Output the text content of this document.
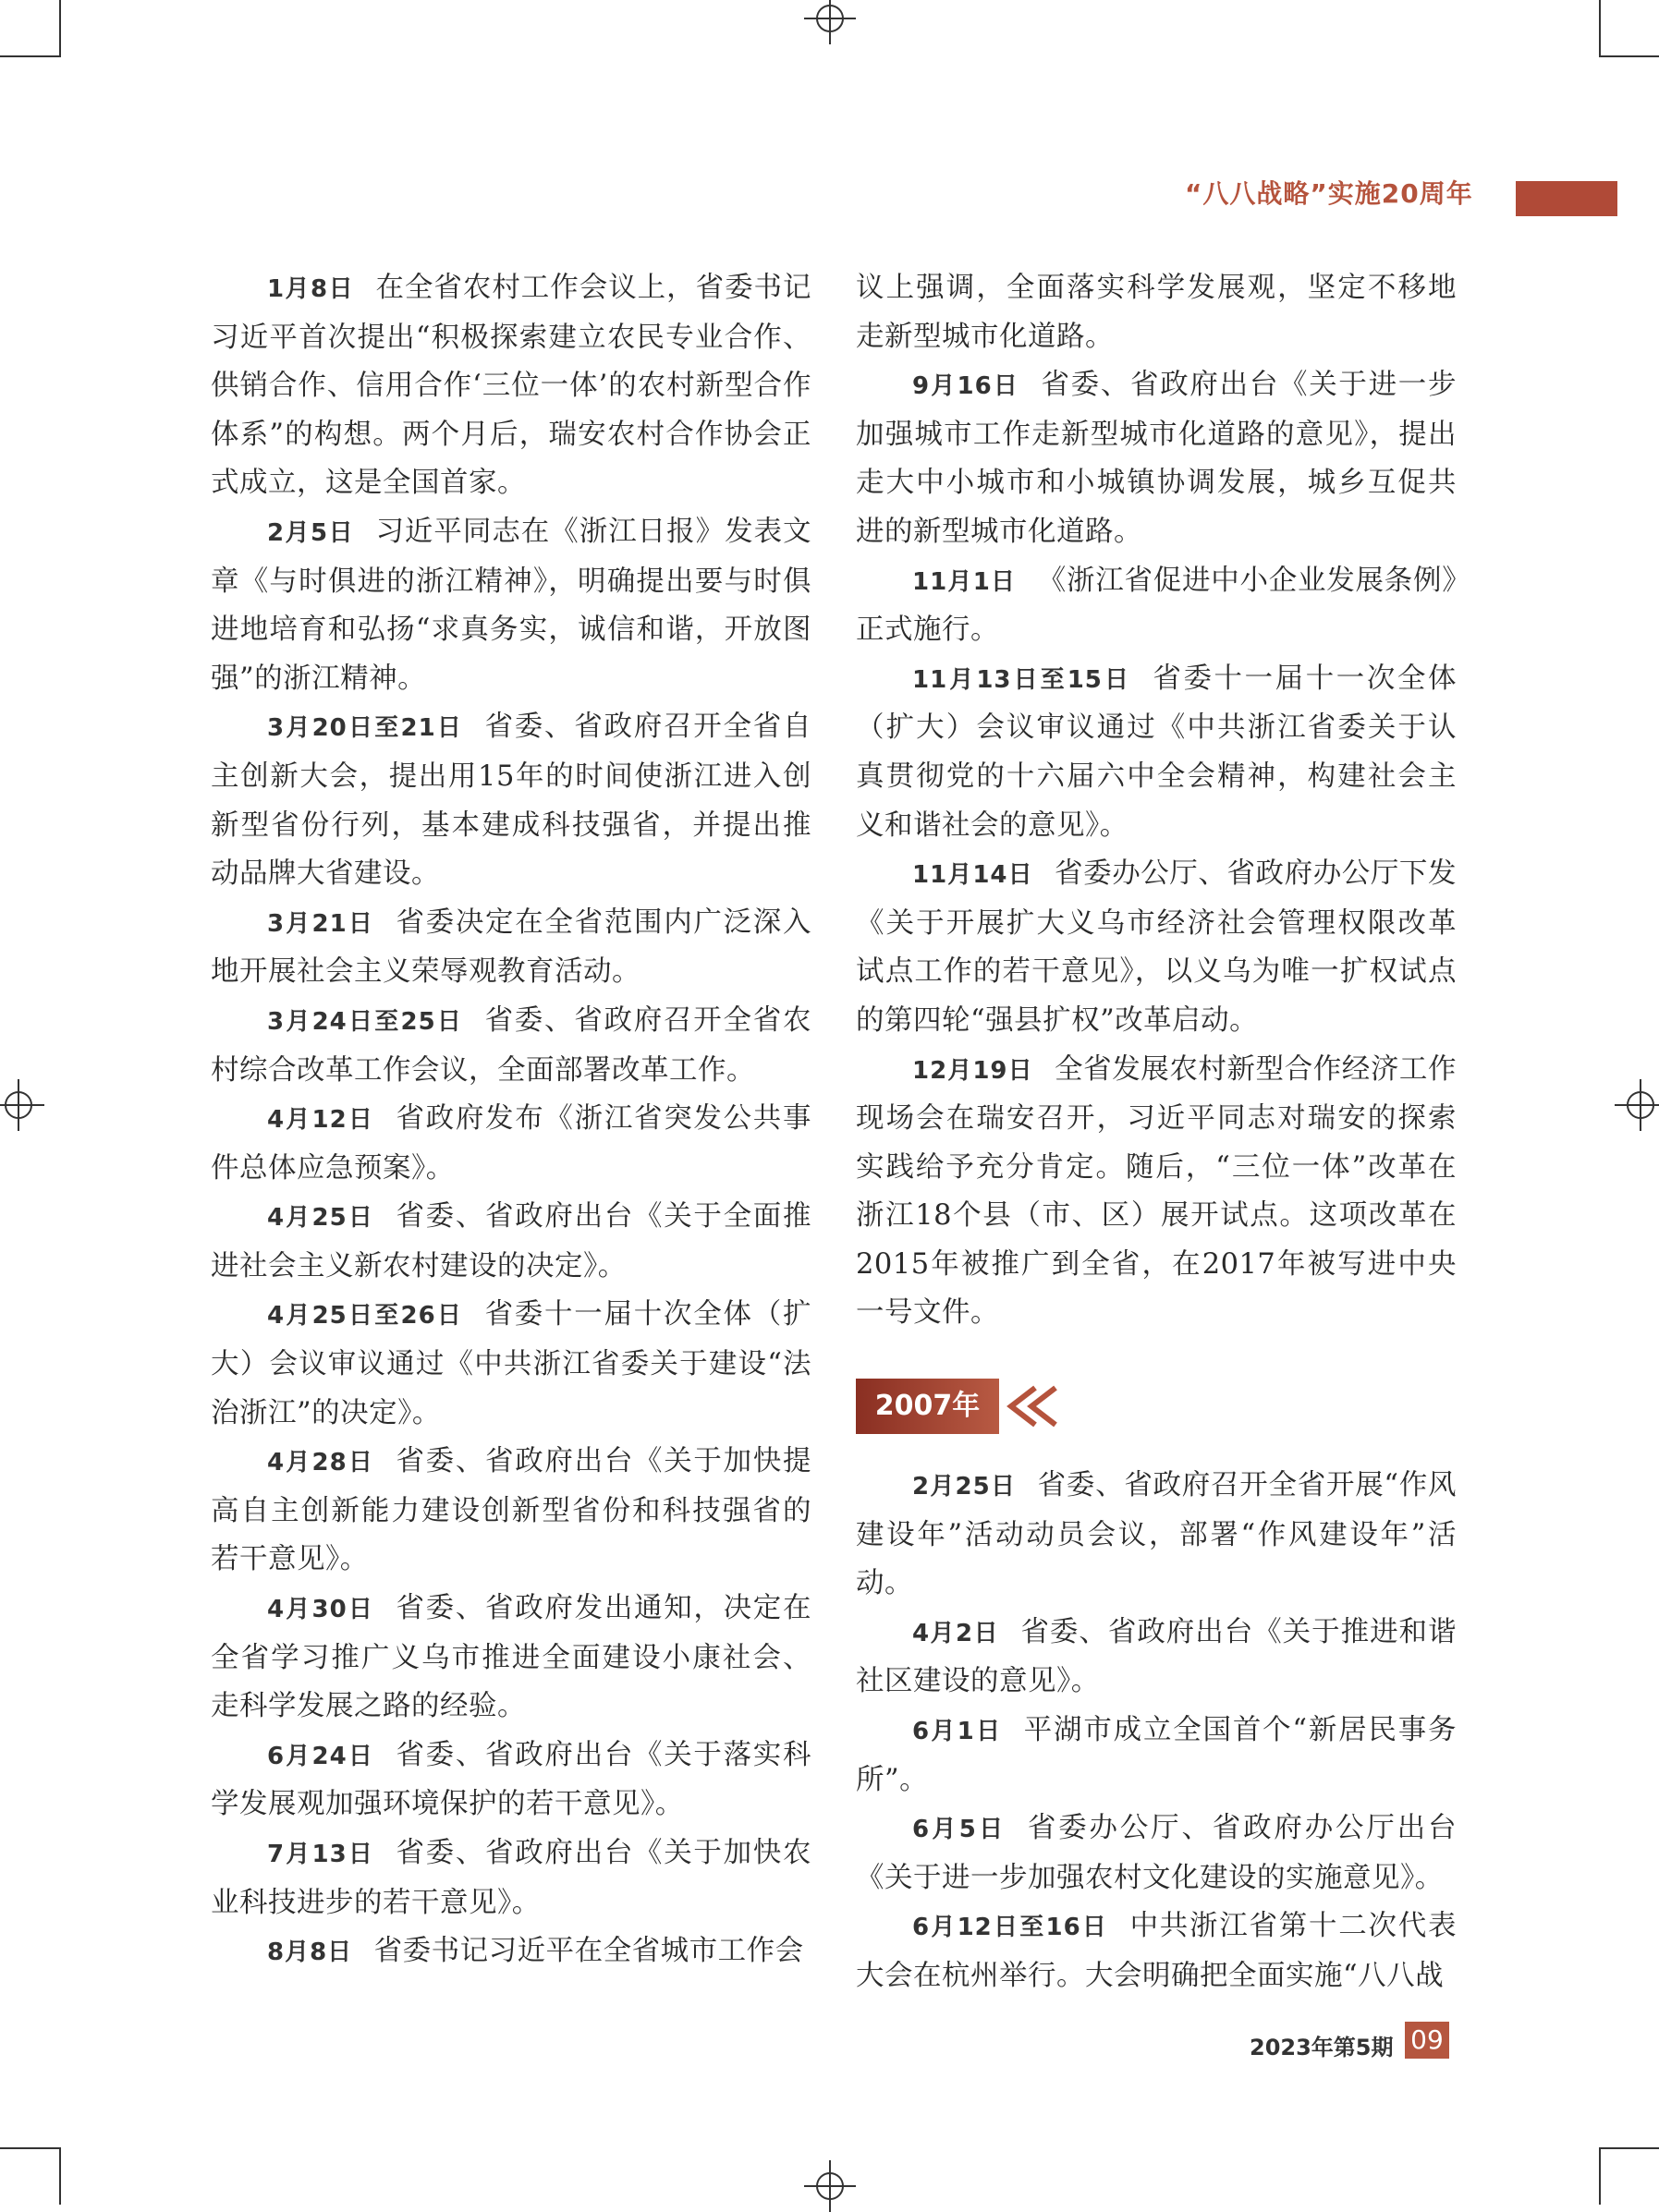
“八八战略”实施20周年

1月8日 在全省农村工作会议上，省委书记习近平首次提出“积极探索建立农民专业合作、供销合作、信用合作‘三位一体’的农村新型合作体系”的构想。两个月后，瑞安农村合作协会正式成立，这是全国首家。

2月5日 习近平同志在《浙江日报》发表文章《与时俱进的浙江精神》，明确提出要与时俱进地培育和弘扬“求真务实，诚信和谐，开放图强”的浙江精神。

3月20日至21日 省委、省政府召开全省自主创新大会，提出用15年的时间使浙江进入创新型省份行列，基本建成科技强省，并提出推动品牌大省建设。

3月21日 省委决定在全省范围内广泛深入地开展社会主义荣辱观教育活动。

3月24日至25日 省委、省政府召开全省农村综合改革工作会议，全面部署改革工作。

4月12日 省政府发布《浙江省突发公共事件总体应急预案》。

4月25日 省委、省政府出台《关于全面推进社会主义新农村建设的决定》。

4月25日至26日 省委十一届十次全体（扩大）会议审议通过《中共浙江省委关于建设“法治浙江”的决定》。

4月28日 省委、省政府出台《关于加快提高自主创新能力建设创新型省份和科技强省的若干意见》。

4月30日 省委、省政府发出通知，决定在全省学习推广义乌市推进全面建设小康社会、走科学发展之路的经验。

6月24日 省委、省政府出台《关于落实科学发展观加强环境保护的若干意见》。

7月13日 省委、省政府出台《关于加快农业科技进步的若干意见》。

8月8日 省委书记习近平在全省城市工作会

议上强调，全面落实科学发展观，坚定不移地走新型城市化道路。

9月16日 省委、省政府出台《关于进一步加强城市工作走新型城市化道路的意见》，提出走大中小城市和小城镇协调发展，城乡互促共进的新型城市化道路。

11月1日 《浙江省促进中小企业发展条例》正式施行。

11月13日至15日 省委十一届十一次全体（扩大）会议审议通过《中共浙江省委关于认真贯彻党的十六届六中全会精神，构建社会主义和谐社会的意见》。

11月14日 省委办公厅、省政府办公厅下发《关于开展扩大义乌市经济社会管理权限改革试点工作的若干意见》，以义乌为唯一扩权试点的第四轮“强县扩权”改革启动。

12月19日 全省发展农村新型合作经济工作现场会在瑞安召开，习近平同志对瑞安的探索实践给予充分肯定。随后，“三位一体”改革在浙江18个县（市、区）展开试点。这项改革在2015年被推广到全省，在2017年被写进中央一号文件。

2007年

2月25日 省委、省政府召开全省开展“作风建设年”活动动员会议，部署“作风建设年”活动。

4月2日 省委、省政府出台《关于推进和谐社区建设的意见》。

6月1日 平湖市成立全国首个“新居民事务所”。

6月5日 省委办公厅、省政府办公厅出台《关于进一步加强农村文化建设的实施意见》。

6月12日至16日 中共浙江省第十二次代表大会在杭州举行。大会明确把全面实施“八八战

2023年第5期 09
